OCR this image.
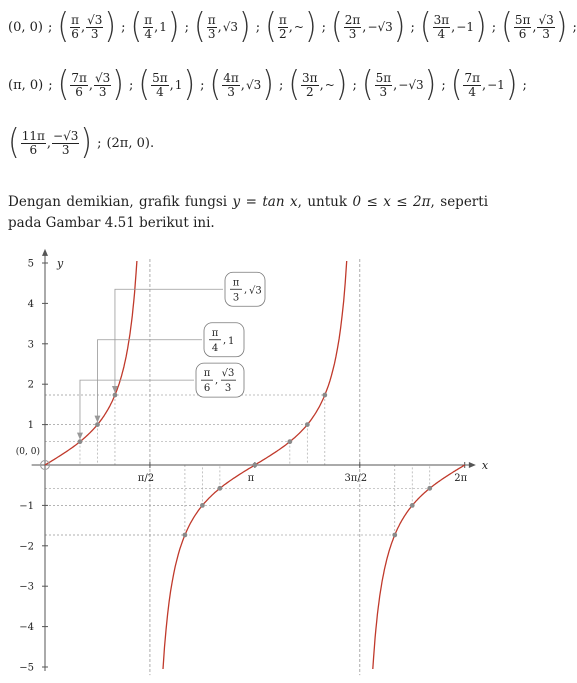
(0, 0) ; ( $\frac{\pi}{6}$ , $\frac{√3}{3}$ ) ; ( $\frac{\pi}{4}$ , 1 ) ; ( $\frac{\pi}{3}$ , √3 ) ; ( $\frac{\pi}{2}$ , ~ ) ; ( $\frac{2\pi}{3}$ , −√3 ) ; ( $\frac{3\pi}{4}$ , −1 ) ; ( $\frac{5\pi}{6}$ , $\frac{√3}{3}$ ) ;
(π, 0) ; ( $\frac{7\pi}{6}$ , $\frac{√3}{3}$ ) ; ( $\frac{5\pi}{4}$ , 1 ) ; ( $\frac{4\pi}{3}$ , √3 ) ; ( $\frac{3\pi}{2}$ , ~ ) ; ( $\frac{5\pi}{3}$ , −√3 ) ; ( $\frac{7\pi}{4}$ , −1 ) ;
( $\frac{11\pi}{6}$ , $\frac{-√3}{3}$ ) ; (2π, 0).
Dengan demikian, grafik fungsi y = tan x, untuk 0 ≤ x ≤ 2π, seperti pada Gambar 4.51 berikut ini.
x
y
5
4
3
2
1
−1
−2
−3
−4
−5
π/2	π	3π/2	2π
(0, 0)
π
3
, √3
π
4
, 1
π
6
,
√3
3
